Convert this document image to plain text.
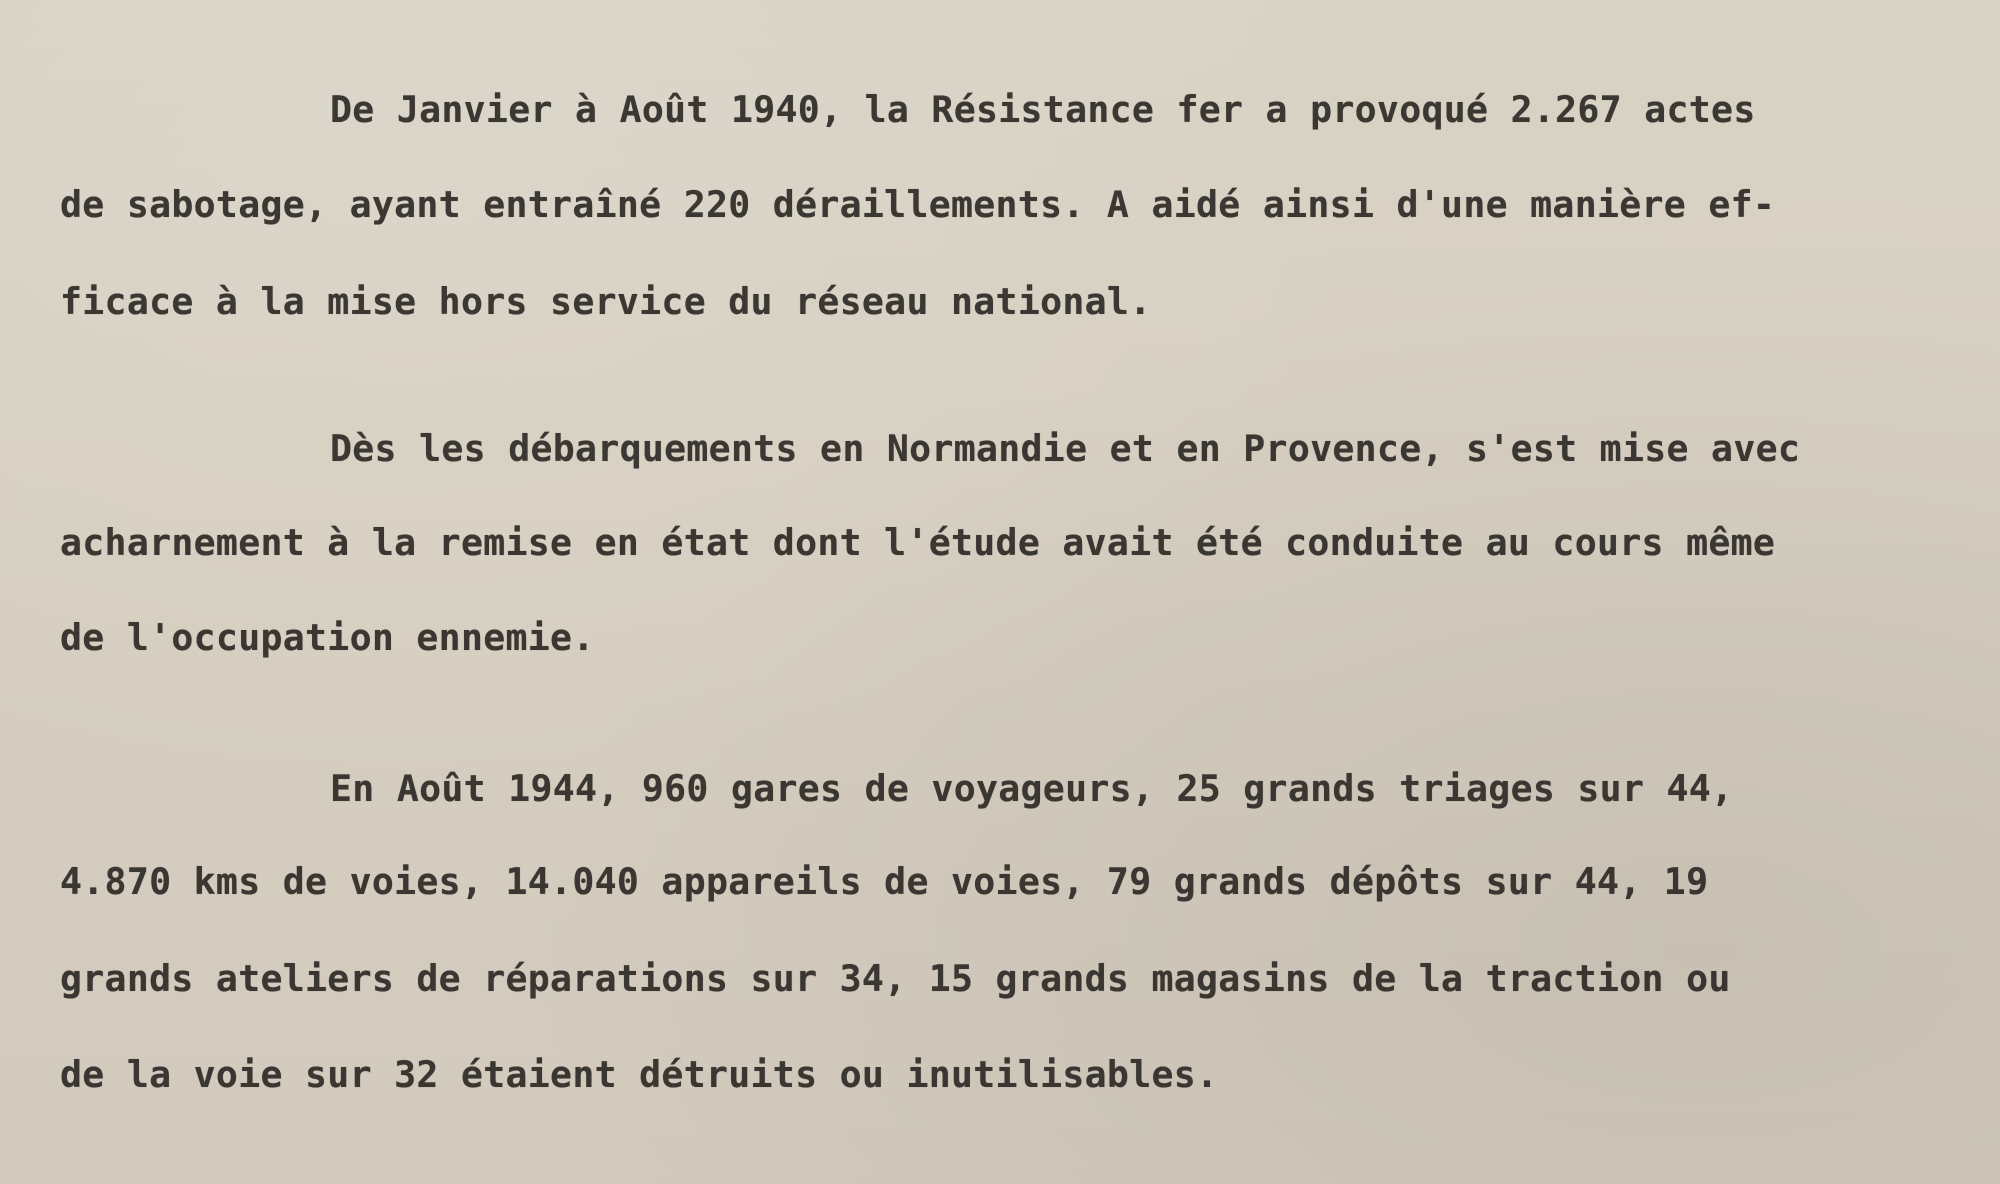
De Janvier à Août 1940, la Résistance fer a provoqué 2.267 actes
de sabotage, ayant entraîné 220 déraillements. A aidé ainsi d'une manière ef-
ficace à la mise hors service du réseau national.
Dès les débarquements en Normandie et en Provence, s'est mise avec
acharnement à la remise en état dont l'étude avait été conduite au cours même
de l'occupation ennemie.
En Août 1944, 960 gares de voyageurs, 25 grands triages sur 44,
4.870 kms de voies, 14.040 appareils de voies, 79 grands dépôts sur 44, 19
grands ateliers de réparations sur 34, 15 grands magasins de la traction ou
de la voie sur 32 étaient détruits ou inutilisables.
